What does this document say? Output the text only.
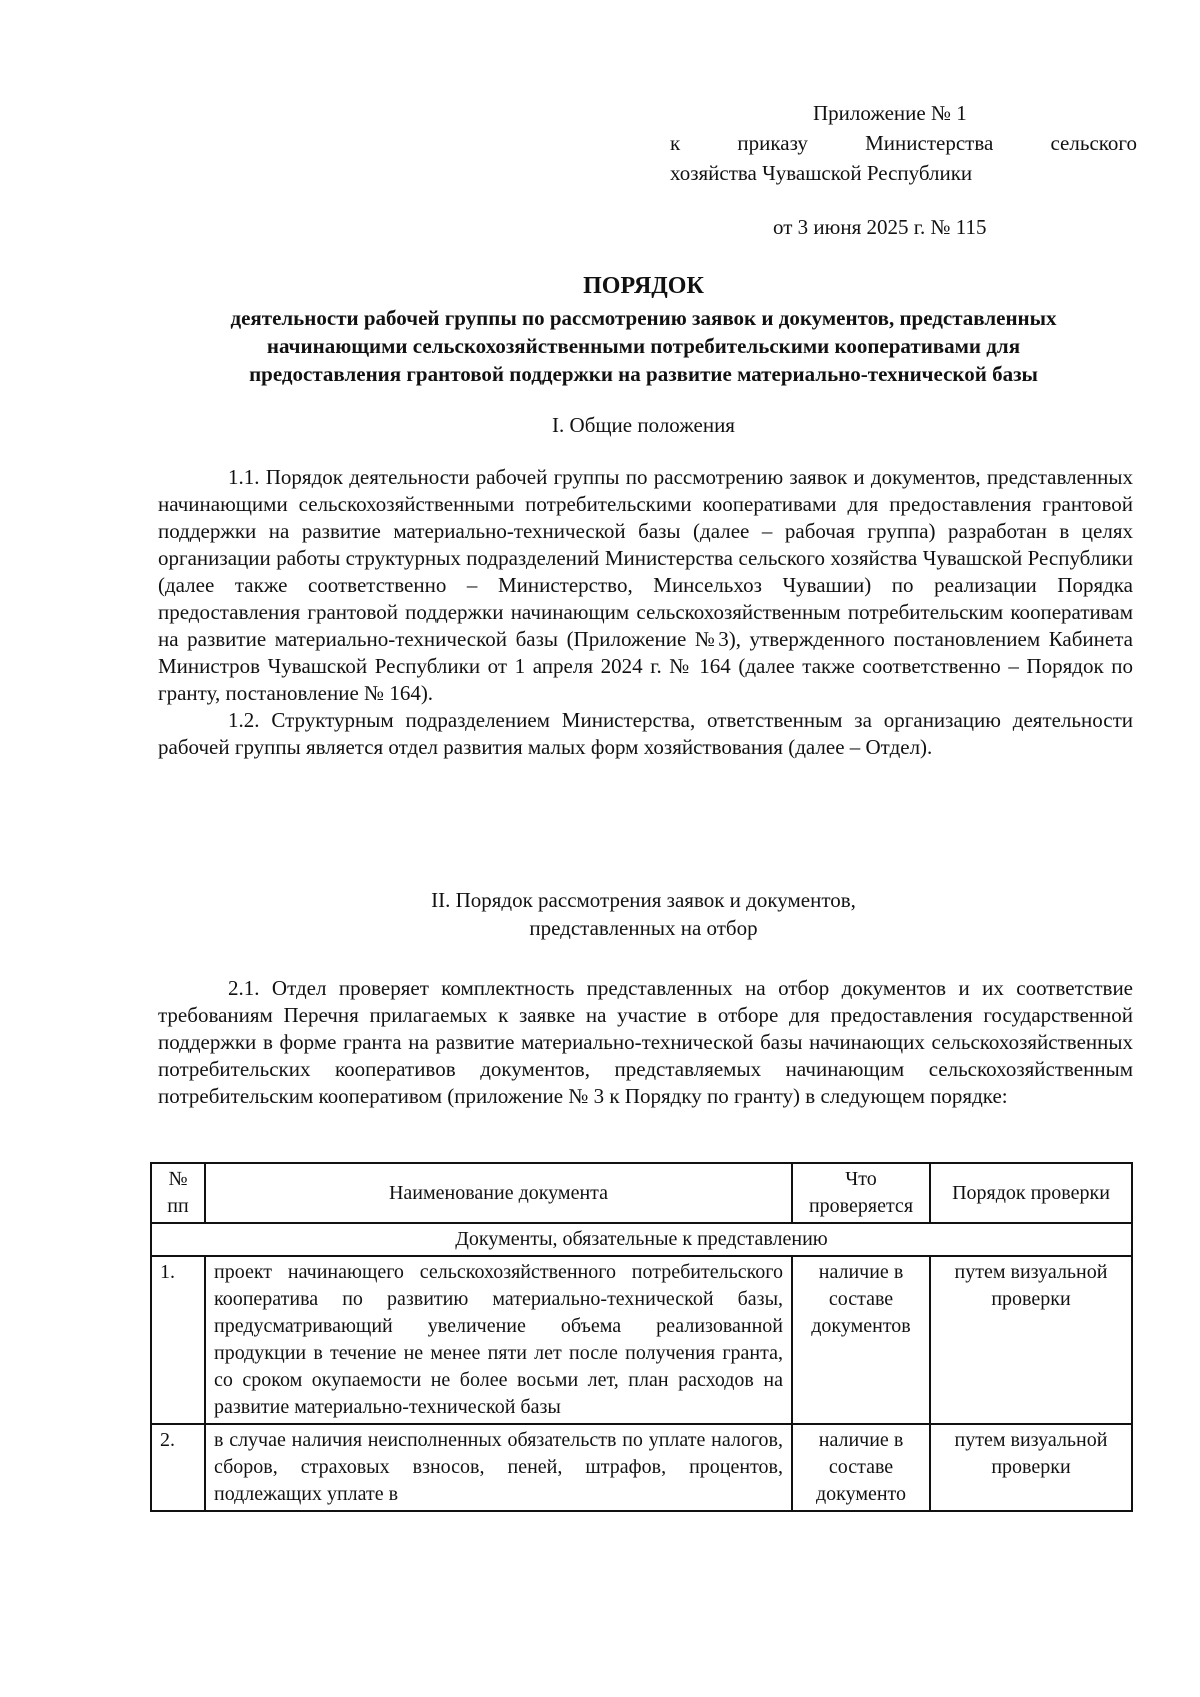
Приложение № 1
к	приказу	Министерства	сельского
хозяйства Чувашской Республики
от 3 июня 2025 г. № 115
ПОРЯДОК
деятельности рабочей группы по рассмотрению заявок и документов, представленных
начинающими сельскохозяйственными потребительскими кооперативами для
предоставления грантовой поддержки на развитие материально-технической базы
I. Общие положения

1.1. Порядок деятельности рабочей группы по рассмотрению заявок и документов, представленных начинающими сельскохозяйственными потребительскими кооперативами для предоставления грантовой поддержки на развитие материально-технической базы (далее – рабочая группа) разработан в целях организации работы структурных подразделений Министерства сельского хозяйства Чувашской Республики (далее также соответственно – Министерство, Минсельхоз Чувашии) по реализации Порядка предоставления грантовой поддержки начинающим сельскохозяйственным потребительским кооперативам на развитие материально-технической базы (Приложение №3), утвержденного постановлением Кабинета Министров Чувашской Республики от 1 апреля 2024 г. № 164 (далее также соответственно – Порядок по гранту, постановление № 164).

1.2. Структурным подразделением Министерства, ответственным за организацию деятельности рабочей группы является отдел развития малых форм хозяйствования (далее – Отдел).

II. Порядок рассмотрения заявок и документов,
представленных на отбор

2.1. Отдел проверяет комплектность представленных на отбор документов и их соответствие требованиям Перечня прилагаемых к заявке на участие в отборе для предоставления государственной поддержки в форме гранта на развитие материально-технической базы начинающих сельскохозяйственных потребительских кооперативов документов, представляемых начинающим сельскохозяйственным потребительским кооперативом (приложение № 3 к Порядку по гранту) в следующем порядке:

№ пп	Наименование документа	Что проверяется	Порядок проверки
Документы, обязательные к представлению			
1.	проект начинающего сельскохозяйственного потребительского кооператива по развитию материально-технической базы, предусматривающий увеличение объема реализованной продукции в течение не менее пяти лет после получения гранта, со сроком окупаемости не более восьми лет, план расходов на развитие материально-технической базы	наличие в составе документов	путем визуальной проверки
2.	в случае наличия неисполненных обязательств по уплате налогов, сборов, страховых взносов, пеней, штрафов, процентов, подлежащих уплате в	наличие в составе документо	путем визуальной проверки
